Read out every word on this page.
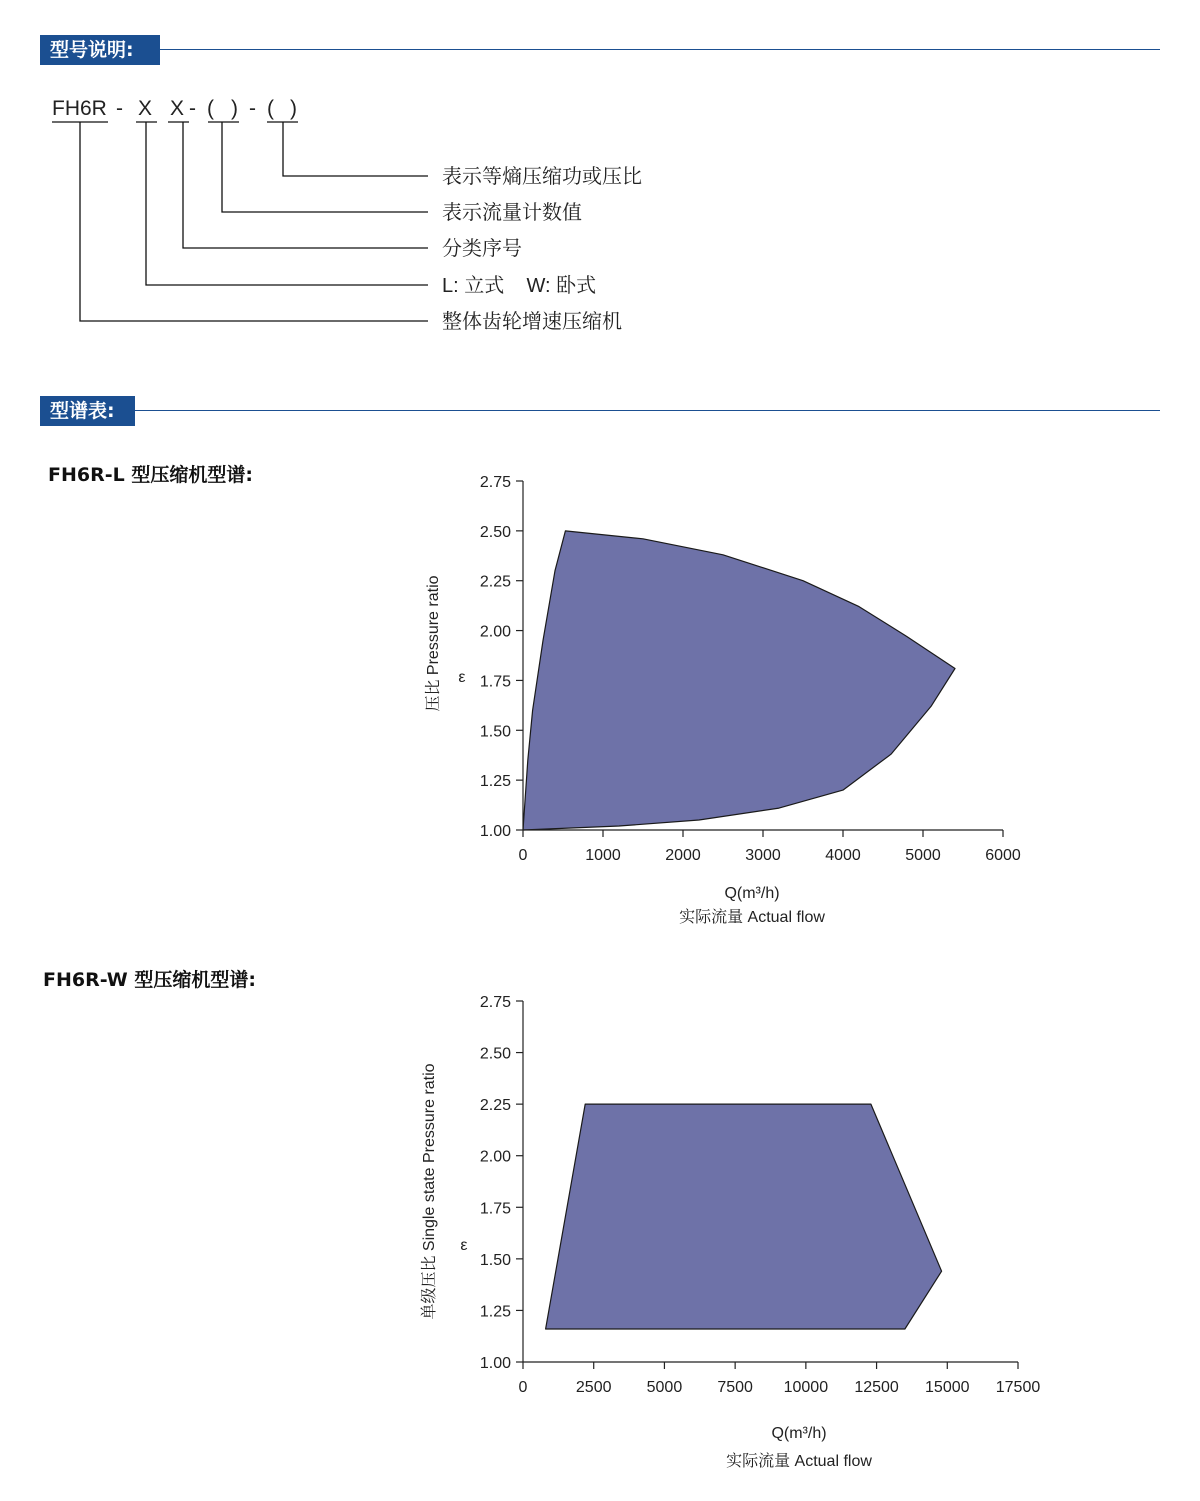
型号说明:
FH6R - X X - ( ) - ( )
表示等熵压缩功或压比
表示流量计数值
分类序号
L: 立式    W: 卧式
整体齿轮增速压缩机
型谱表:
FH6R-L 型压缩机型谱:
1.00
1.25
1.50
1.75
2.00
2.25
2.50
2.75
0	1000	2000	3000	4000	5000	6000
压比 Pressure ratio ε
Q(m³/h)
实际流量 Actual flow
FH6R-W 型压缩机型谱:
1.00
1.25
1.50
1.75
2.00
2.25
2.50
2.75
0	2500 5000 7500 10000 12500 15000 17500
单级压比 Single state Pressure ratio ε
Q(m³/h)
实际流量 Actual flow
